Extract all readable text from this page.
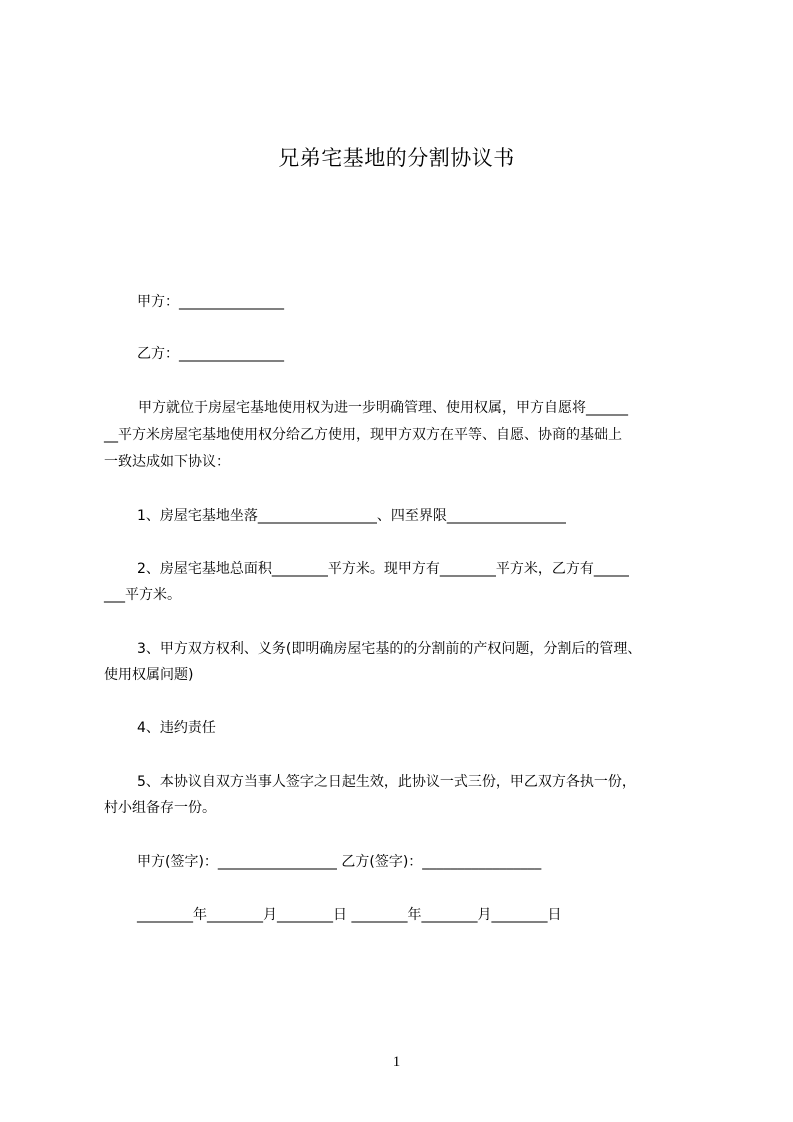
兄弟宅基地的分割协议书
甲方：_______________
乙方：_______________
甲方就位于房屋宅基地使用权为进一步明确管理、使用权属，甲方自愿将______
__平方米房屋宅基地使用权分给乙方使用，现甲方双方在平等、自愿、协商的基础上
一致达成如下协议：
1、房屋宅基地坐落_________________、四至界限_________________
2、房屋宅基地总面积________平方米。现甲方有________平方米，乙方有_____
___平方米。
3、甲方双方权利、义务(即明确房屋宅基的的分割前的产权问题，分割后的管理、
使用权属问题)
4、违约责任
5、本协议自双方当事人签字之日起生效，此协议一式三份，甲乙双方各执一份，
村小组备存一份。
甲方(签字)：_________________ 乙方(签字)：_________________
________年________月________日 ________年________月________日
1
